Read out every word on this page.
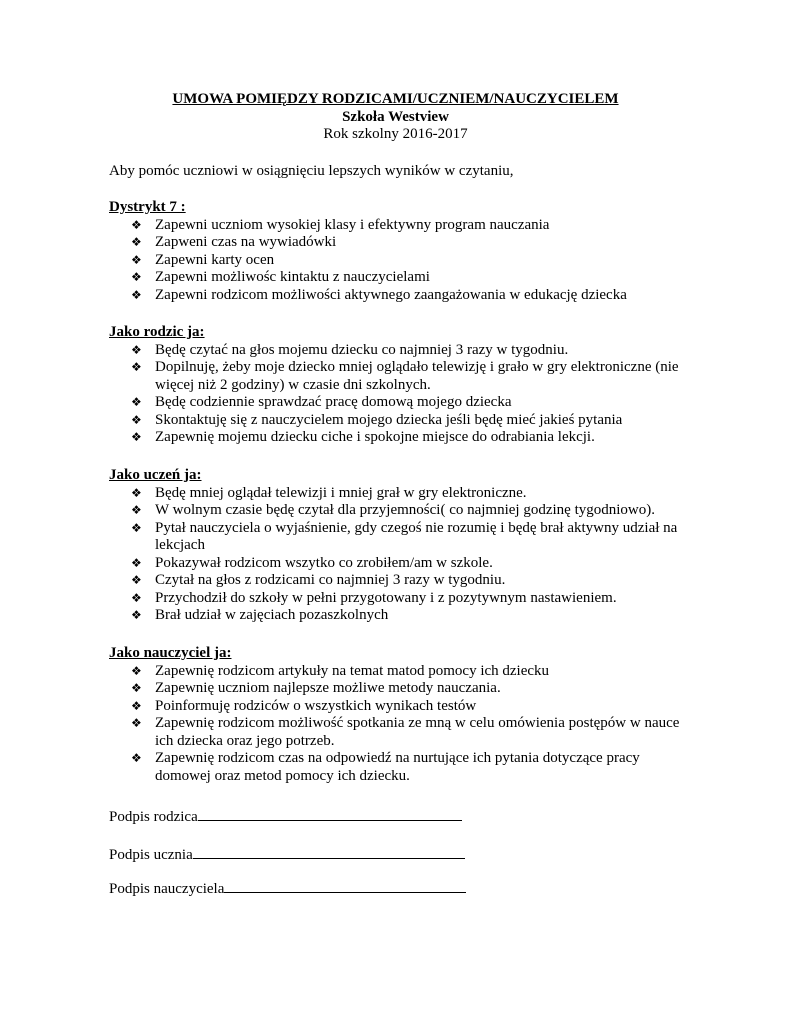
UMOWA POMIĘDZY RODZICAMI/UCZNIEM/NAUCZYCIELEM
Szkoła Westview
Rok szkolny 2016-2017
Aby pomóc uczniowi w osiągnięciu lepszych wyników w czytaniu,
Dystrykt 7 :
❖ Zapewni uczniom wysokiej klasy i efektywny program nauczania
❖ Zapweni czas na wywiadówki
❖ Zapewni karty ocen
❖ Zapewni możliwośc kintaktu z nauczycielami
❖ Zapewni rodzicom możliwości aktywnego zaangażowania w edukację dziecka
Jako rodzic ja:
❖ Będę czytać na głos mojemu dziecku co najmniej 3 razy w tygodniu.
❖ Dopilnuję, żeby moje dziecko mniej oglądało telewizję i grało w gry elektroniczne (nie więcej niż 2 godziny) w czasie dni szkolnych.
❖ Będę codziennie sprawdzać pracę domową mojego dziecka
❖ Skontaktuję się z nauczycielem mojego dziecka jeśli będę mieć jakieś pytania
❖ Zapewnię mojemu dziecku ciche i spokojne miejsce do odrabiania lekcji.
Jako uczeń ja:
❖ Będę mniej oglądał telewizji i mniej grał w gry elektroniczne.
❖ W wolnym czasie będę czytał dla przyjemności( co najmniej godzinę tygodniowo).
❖ Pytał nauczyciela o wyjaśnienie, gdy czegoś nie rozumię i będę brał aktywny udział na lekcjach
❖ Pokazywał rodzicom wszytko co zrobiłem/am w szkole.
❖ Czytał na głos z rodzicami co najmniej 3 razy w tygodniu.
❖ Przychodził do szkoły w pełni przygotowany i z pozytywnym nastawieniem.
❖ Brał udział w zajęciach pozaszkolnych
Jako nauczyciel ja:
❖ Zapewnię rodzicom artykuły na temat matod pomocy ich dziecku
❖ Zapewnię uczniom najlepsze możliwe metody nauczania.
❖ Poinformuję rodziców o wszystkich wynikach testów
❖ Zapewnię rodzicom możliwość spotkania ze mną w celu omówienia postępów w nauce ich dziecka oraz jego potrzeb.
❖ Zapewnię rodzicom czas na odpowiedź na nurtujące ich pytania dotyczące pracy domowej oraz metod pomocy ich dziecku.
Podpis rodzica
Podpis ucznia
Podpis nauczyciela
